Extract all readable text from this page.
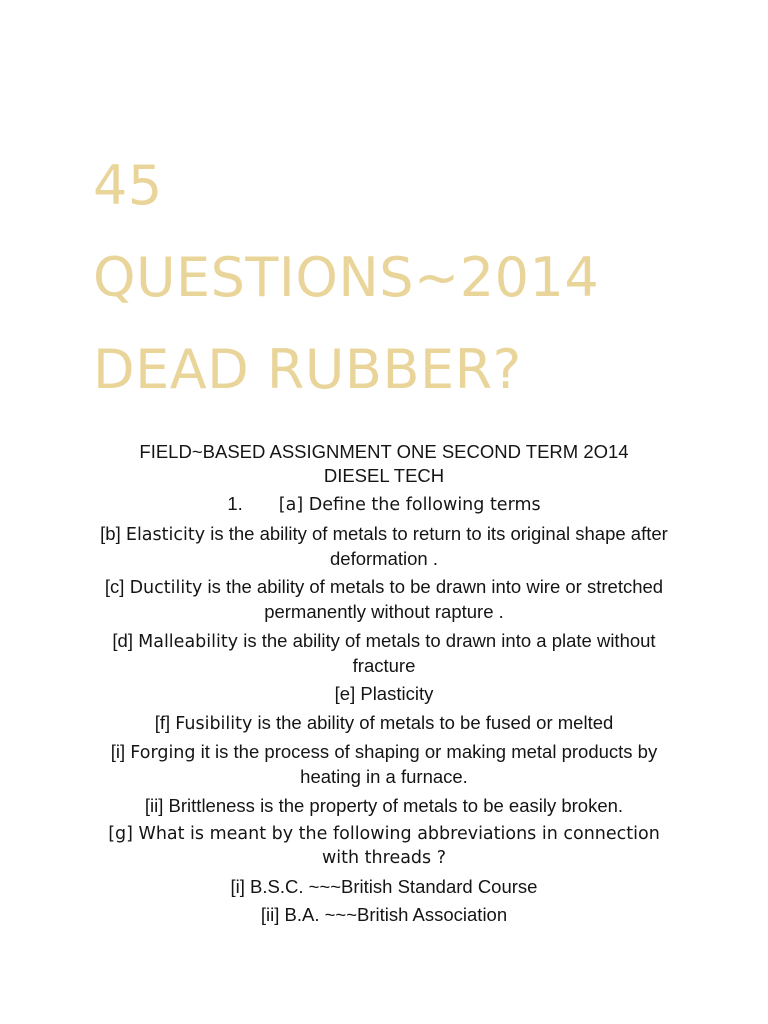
45
QUESTIONS~2014
DEAD RUBBER?

FIELD~BASED ASSIGNMENT ONE SECOND TERM 2O14
DIESEL TECH

1. [a] Define the following terms

[b] Elasticity is the ability of metals to return to its original shape after deformation .

[c] Ductility is the ability of metals to be drawn into wire or stretched permanently without rapture .

[d] Malleability is the ability of metals to drawn into a plate without fracture

[e] Plasticity

[f] Fusibility is the ability of metals to be fused or melted

[i] Forging it is the process of shaping or making metal products by heating in a furnace.

[ii] Brittleness is the property of metals to be easily broken.

[g] What is meant by the following abbreviations in connection with threads ?

[i] B.S.C. ~~~British Standard Course

[ii] B.A. ~~~British Association
